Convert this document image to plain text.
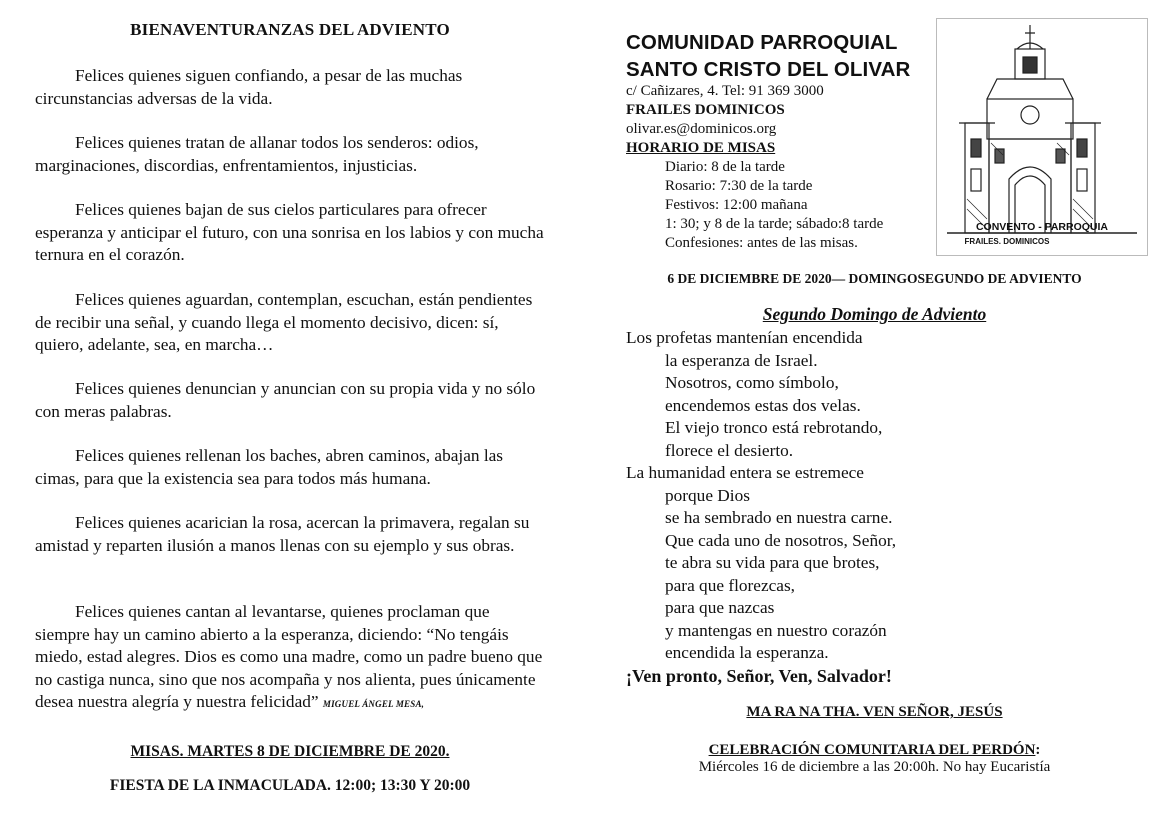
BIENAVENTURANZAS DEL ADVIENTO
Felices quienes siguen confiando, a pesar de las muchas circunstancias adversas de la vida.
Felices quienes tratan de allanar todos los senderos: odios, marginaciones, discordias, enfrentamientos, injusticias.
Felices quienes bajan de sus cielos particulares para ofrecer esperanza y anticipar el futuro, con una sonrisa en los labios y con mucha ternura en el corazón.
Felices quienes aguardan, contemplan, escuchan, están pendientes de recibir una señal, y cuando llega el momento decisivo, dicen: sí, quiero, adelante, sea, en marcha…
Felices quienes denuncian y anuncian con su propia vida y no sólo con meras palabras.
Felices quienes rellenan los baches, abren caminos, abajan las cimas, para que la existencia sea para todos más humana.
Felices quienes acarician la rosa, acercan la primavera, regalan su amistad y reparten ilusión a manos llenas con su ejemplo y sus obras.
Felices quienes cantan al levantarse, quienes proclaman que siempre hay un camino abierto a la esperanza, diciendo: “No tengáis miedo, estad alegres. Dios es como una madre, como un padre bueno que no castiga nunca, sino que nos acompaña y nos alienta, pues únicamente desea nuestra alegría y nuestra felicidad” MIGUEL ÁNGEL MESA,
MISAS. MARTES 8 DE DICIEMBRE DE 2020.
FIESTA DE LA INMACULADA. 12:00; 13:30 Y 20:00
COMUNIDAD PARROQUIAL
SANTO CRISTO DEL OLIVAR
c/ Cañizares, 4. Tel: 91 369 3000
FRAILES DOMINICOS
olivar.es@dominicos.org
HORARIO DE MISAS
Diario: 8 de la tarde
Rosario: 7:30 de la tarde
Festivos: 12:00 mañana
1: 30; y 8 de la tarde; sábado:8 tarde
Confesiones: antes de las misas.
CONVENTO - PARROQUIA
FRAILES. DOMINICOS
6 DE DICIEMBRE DE 2020— DOMINGOSEGUNDO DE ADVIENTO
Segundo Domingo de Adviento
Los profetas mantenían encendida
la esperanza de Israel.
Nosotros, como símbolo,
encendemos estas dos velas.
El viejo tronco está rebrotando,
florece el desierto.
La humanidad entera se estremece
porque Dios
se ha sembrado en nuestra carne.
Que cada uno de nosotros, Señor,
te abra su vida para que brotes,
para que florezcas,
para que nazcas
y mantengas en nuestro corazón
encendida la esperanza.
¡Ven pronto, Señor, Ven, Salvador!
MA RA NA THA. VEN SEÑOR, JESÚS
CELEBRACIÓN COMUNITARIA DEL PERDÓN:
Miércoles 16 de diciembre a las 20:00h. No hay Eucaristía
